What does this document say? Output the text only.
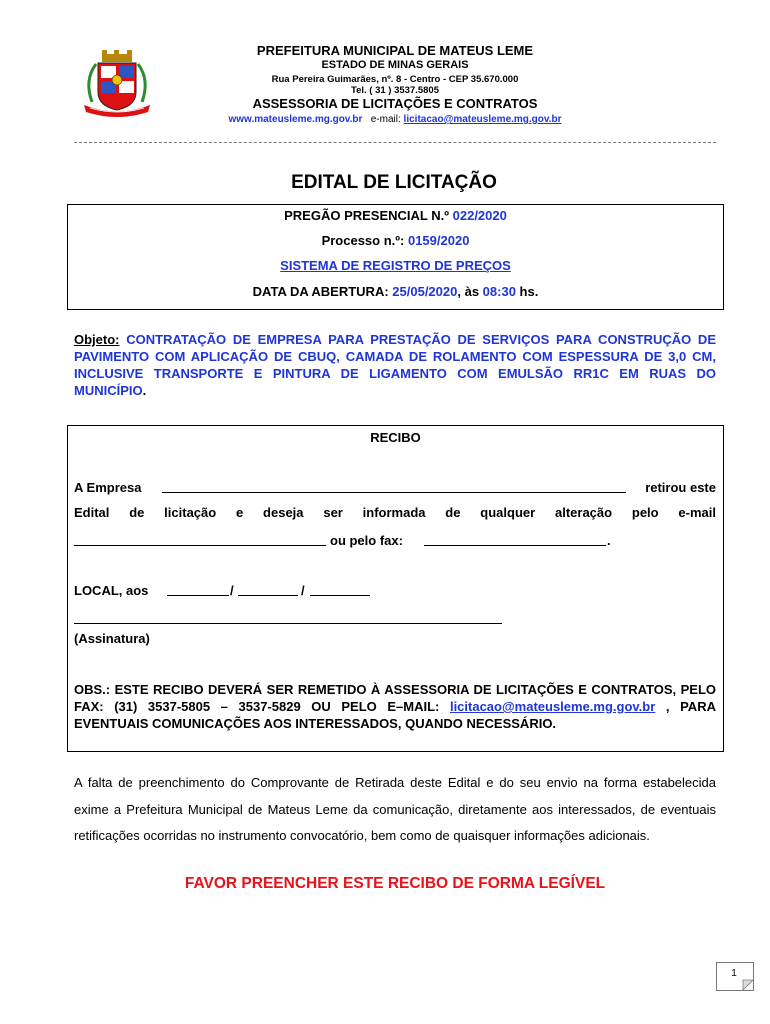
PREFEITURA MUNICIPAL DE MATEUS LEME
ESTADO DE MINAS GERAIS
Rua Pereira Guimarães, nº. 8 - Centro - CEP 35.670.000
Tel. ( 31 ) 3537.5805
ASSESSORIA DE LICITAÇÕES E CONTRATOS
www.mateusleme.mg.gov.br e-mail: licitacao@mateusleme.mg.gov.br
EDITAL DE LICITAÇÃO
PREGÃO PRESENCIAL N.º 022/2020
Processo n.º: 0159/2020
SISTEMA DE REGISTRO DE PREÇOS
DATA DA ABERTURA: 25/05/2020, às 08:30 hs.
Objeto: CONTRATAÇÃO DE EMPRESA PARA PRESTAÇÃO DE SERVIÇOS PARA CONSTRUÇÃO DE PAVIMENTO COM APLICAÇÃO DE CBUQ, CAMADA DE ROLAMENTO COM ESPESSURA DE 3,0 CM, INCLUSIVE TRANSPORTE E PINTURA DE LIGAMENTO COM EMULSÃO RR1C EM RUAS DO MUNICÍPIO.
RECIBO
A Empresa	retirou este
Edital de licitação e deseja ser informada de qualquer alteração pelo e-mail
ou pelo fax:	.
LOCAL, aos	/	/
(Assinatura)
OBS.: ESTE RECIBO DEVERÁ SER REMETIDO À ASSESSORIA DE LICITAÇÕES E CONTRATOS, PELO FAX: (31) 3537-5805 – 3537-5829 OU PELO E–MAIL: licitacao@mateusleme.mg.gov.br , PARA EVENTUAIS COMUNICAÇÕES AOS INTERESSADOS, QUANDO NECESSÁRIO.
A falta de preenchimento do Comprovante de Retirada deste Edital e do seu envio na forma estabelecida exime a Prefeitura Municipal de Mateus Leme da comunicação, diretamente aos interessados, de eventuais retificações ocorridas no instrumento convocatório, bem como de quaisquer informações adicionais.
FAVOR PREENCHER ESTE RECIBO DE FORMA LEGÍVEL
1
